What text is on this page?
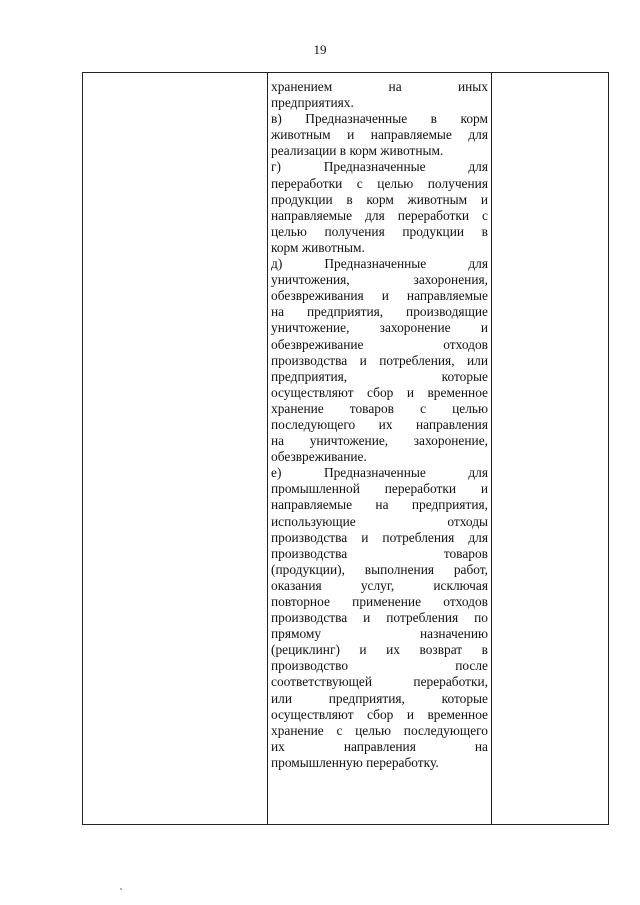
19

хранением на иных
предприятиях.
в) Предназначенные в корм
животным и направляемые для
реализации в корм животным.
г) Предназначенные для
переработки с целью получения
продукции в корм животным и
направляемые для переработки с
целью получения продукции в
корм животным.
д) Предназначенные для
уничтожения, захоронения,
обезвреживания и направляемые
на предприятия, производящие
уничтожение, захоронение и
обезвреживание отходов
производства и потребления, или
предприятия, которые
осуществляют сбор и временное
хранение товаров с целью
последующего их направления
на уничтожение, захоронение,
обезвреживание.
е) Предназначенные для
промышленной переработки и
направляемые на предприятия,
использующие отходы
производства и потребления для
производства товаров
(продукции), выполнения работ,
оказания услуг, исключая
повторное применение отходов
производства и потребления по
прямому назначению
(рециклинг) и их возврат в
производство после
соответствующей переработки,
или предприятия, которые
осуществляют сбор и временное
хранение с целью последующего
их направления на
промышленную переработку.
